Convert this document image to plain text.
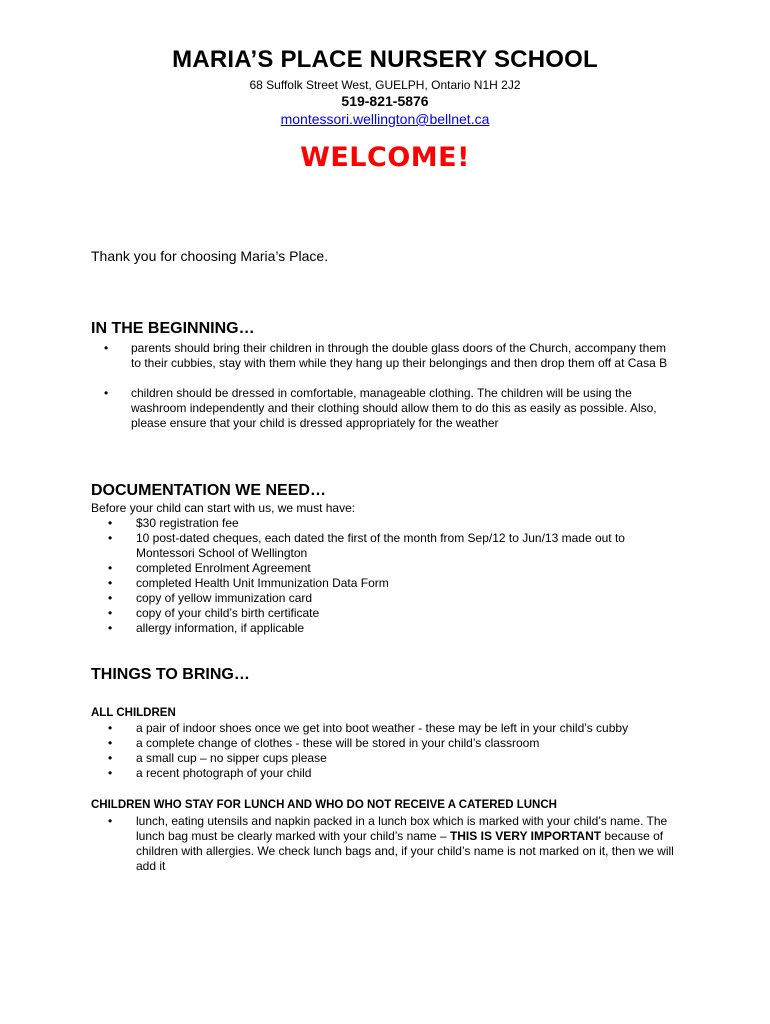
MARIA’S PLACE NURSERY SCHOOL
68 Suffolk Street West, GUELPH, Ontario N1H 2J2
519-821-5876
montessori.wellington@bellnet.ca
WELCOME!
Thank you for choosing Maria’s Place.
IN THE BEGINNING…
• parents should bring their children in through the double glass doors of the Church, accompany them to their cubbies, stay with them while they hang up their belongings and then drop them off at Casa B
• children should be dressed in comfortable, manageable clothing. The children will be using the washroom independently and their clothing should allow them to do this as easily as possible. Also, please ensure that your child is dressed appropriately for the weather
DOCUMENTATION WE NEED…
Before your child can start with us, we must have:
• $30 registration fee
• 10 post-dated cheques, each dated the first of the month from Sep/12 to Jun/13 made out to Montessori School of Wellington
• completed Enrolment Agreement
• completed Health Unit Immunization Data Form
• copy of yellow immunization card
• copy of your child’s birth certificate
• allergy information, if applicable
THINGS TO BRING…
ALL CHILDREN
• a pair of indoor shoes once we get into boot weather - these may be left in your child’s cubby
• a complete change of clothes - these will be stored in your child’s classroom
• a small cup – no sipper cups please
• a recent photograph of your child
CHILDREN WHO STAY FOR LUNCH AND WHO DO NOT RECEIVE A CATERED LUNCH
• lunch, eating utensils and napkin packed in a lunch box which is marked with your child’s name. The lunch bag must be clearly marked with your child’s name – THIS IS VERY IMPORTANT because of children with allergies. We check lunch bags and, if your child’s name is not marked on it, then we will add it
